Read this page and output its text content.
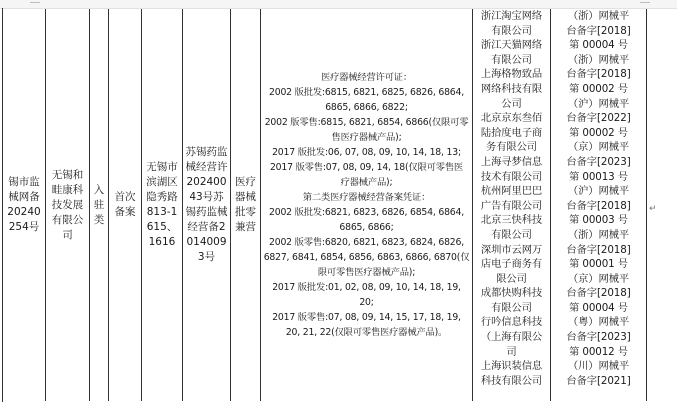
锡市监械网备20240254号
无锡和畦康科技发展有限公司
入驻类
首次备案
无锡市滨湖区隐秀路813-1615、1616
苏锡药监械经营许20240043号苏锡药监械经营备20140093号
医疗器械批零兼营
医疗器械经营许可证：
2002 版批发:6815, 6821, 6825, 6826, 6864,
6865, 6866, 6822;
2002 版零售:6815, 6821, 6854, 6866(仅限可零
售医疗器械产品);
2017 版批发:06, 07, 08, 09, 10, 14, 18, 13;
2017 版零售:07, 08, 09, 14, 18(仅限可零售医
疗器械产品);
第二类医疗器械经营备案凭证：
2002 版批发:6821, 6823, 6826, 6854, 6864,
6865, 6866;
2002 版零售:6820, 6821, 6823, 6824, 6826,
6827, 6841, 6854, 6856, 6863, 6866, 6870(仅
限可零售医疗器械产品);
2017 版批发:01, 02, 08, 09, 10, 14, 18, 19,
20;
2017 版零售:07, 08, 09, 14, 15, 17, 18, 19,
20, 21, 22(仅限可零售医疗器械产品)。
浙江淘宝网络
有限公司
浙江天猫网络
有限公司
上海格物致品
网络科技有限
公司
北京京东叁佰
陆拾度电子商
务有限公司
上海寻梦信息
技术有限公司
杭州阿里巴巴
广告有限公司
北京三快科技
有限公司
深圳市云网万
店电子商务有
限公司
成都快购科技
有限公司
行吟信息科技
（上海有限公
司
上海识装信息
科技有限公司
（浙）网械平
台备字[2018]
第 00004 号
（浙）网械平
台备字[2018]
第 00002 号
（沪）网械平
台备字[2022]
第 00002 号
（京）网械平
台备字[2023]
第 00013 号
（沪）网械平
台备字[2018]
第 00003 号
（浙）网械平
台备字[2018]
第 00001 号
（京）网械平
台备字[2018]
第 00004 号
（粤）网械平
台备字[2023]
第 00012 号
（川）网械平
台备字[2021]
↵
